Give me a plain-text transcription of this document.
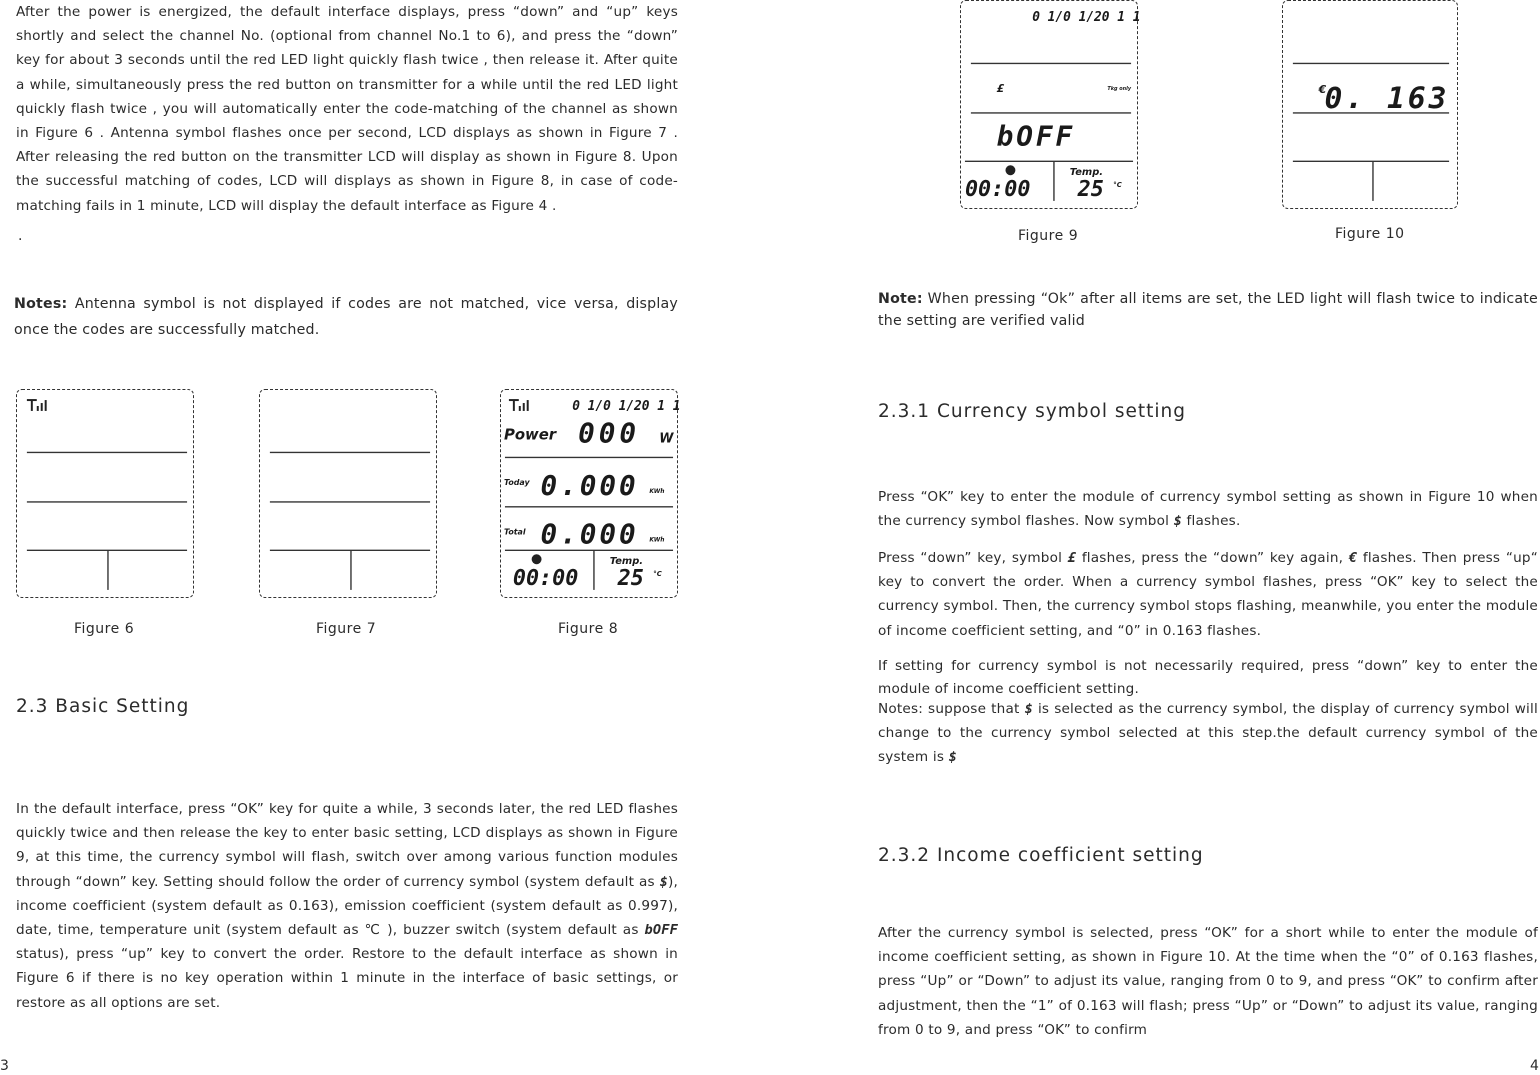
After the power is energized, the default interface displays, press “down” and “up” keys shortly and select the channel No. (optional from channel No.1 to 6), and press the “down” key for about 3 seconds until the red LED light quickly flash twice , then release it. After quite a while, simultaneously press the red button on transmitter for a while until the red LED light quickly flash twice , you will automatically enter the code-matching of the channel as shown in Figure 6 . Antenna symbol flashes once per second, LCD displays as shown in Figure 7 . After releasing the red button on the transmitter LCD will display as shown in Figure 8. Upon the successful matching of codes, LCD will displays as shown in Figure 8, in case of code-matching fails in 1 minute, LCD will display the default interface as Figure 4 .

.

Notes: Antenna symbol is not displayed if codes are not matched, vice versa, display once the codes are successfully matched.

Figure 6	Figure 7
0 1/0 1/20 1 1
Power 000 W
Today 0.000 KWh
Total 0.000 KWh
00:00
Temp.
25 °C
Figure 8
2.3 Basic Setting

In the default interface, press “OK” key for quite a while, 3 seconds later, the red LED flashes quickly twice and then release the key to enter basic setting, LCD displays as shown in Figure 9, at this time, the currency symbol will flash, switch over among various function modules through “down” key. Setting should follow the order of currency symbol (system default as $), income coefficient (system default as 0.163), emission coefficient (system default as 0.997), date, time, temperature unit (system default as ℃ ), buzzer switch (system default as bOFF status), press “up” key to convert the order. Restore to the default interface as shown in Figure 6 if there is no key operation within 1 minute in the interface of basic settings, or restore as all options are set.

3
0 1/0 1/20 1 1
£	Tkg only
bOFF
00:00
Temp.
25 °C
Figure 9
€
0. 163
Figure 10

Note: When pressing “Ok” after all items are set, the LED light will flash twice to indicate the setting are verified valid

2.3.1 Currency symbol setting

Press “OK” key to enter the module of currency symbol setting as shown in Figure 10 when the currency symbol flashes. Now symbol $ flashes.

Press “down” key, symbol £ flashes, press the “down” key again, € flashes. Then press “up“ key to convert the order. When a currency symbol flashes, press “OK” key to select the currency symbol. Then, the currency symbol stops flashing, meanwhile, you enter the module of income coefficient setting, and “0” in 0.163 flashes.

If setting for currency symbol is not necessarily required, press “down” key to enter the module of income coefficient setting.

Notes: suppose that $ is selected as the currency symbol, the display of currency symbol will change to the currency symbol selected at this step.the default currency symbol of the system is $

2.3.2 Income coefficient setting

After the currency symbol is selected, press “OK” for a short while to enter the module of income coefficient setting, as shown in Figure 10. At the time when the “0” of 0.163 flashes, press “Up” or “Down” to adjust its value, ranging from 0 to 9, and press “OK” to confirm after adjustment, then the “1” of 0.163 will flash; press “Up” or “Down” to adjust its value, ranging from 0 to 9, and press “OK” to confirm

4
